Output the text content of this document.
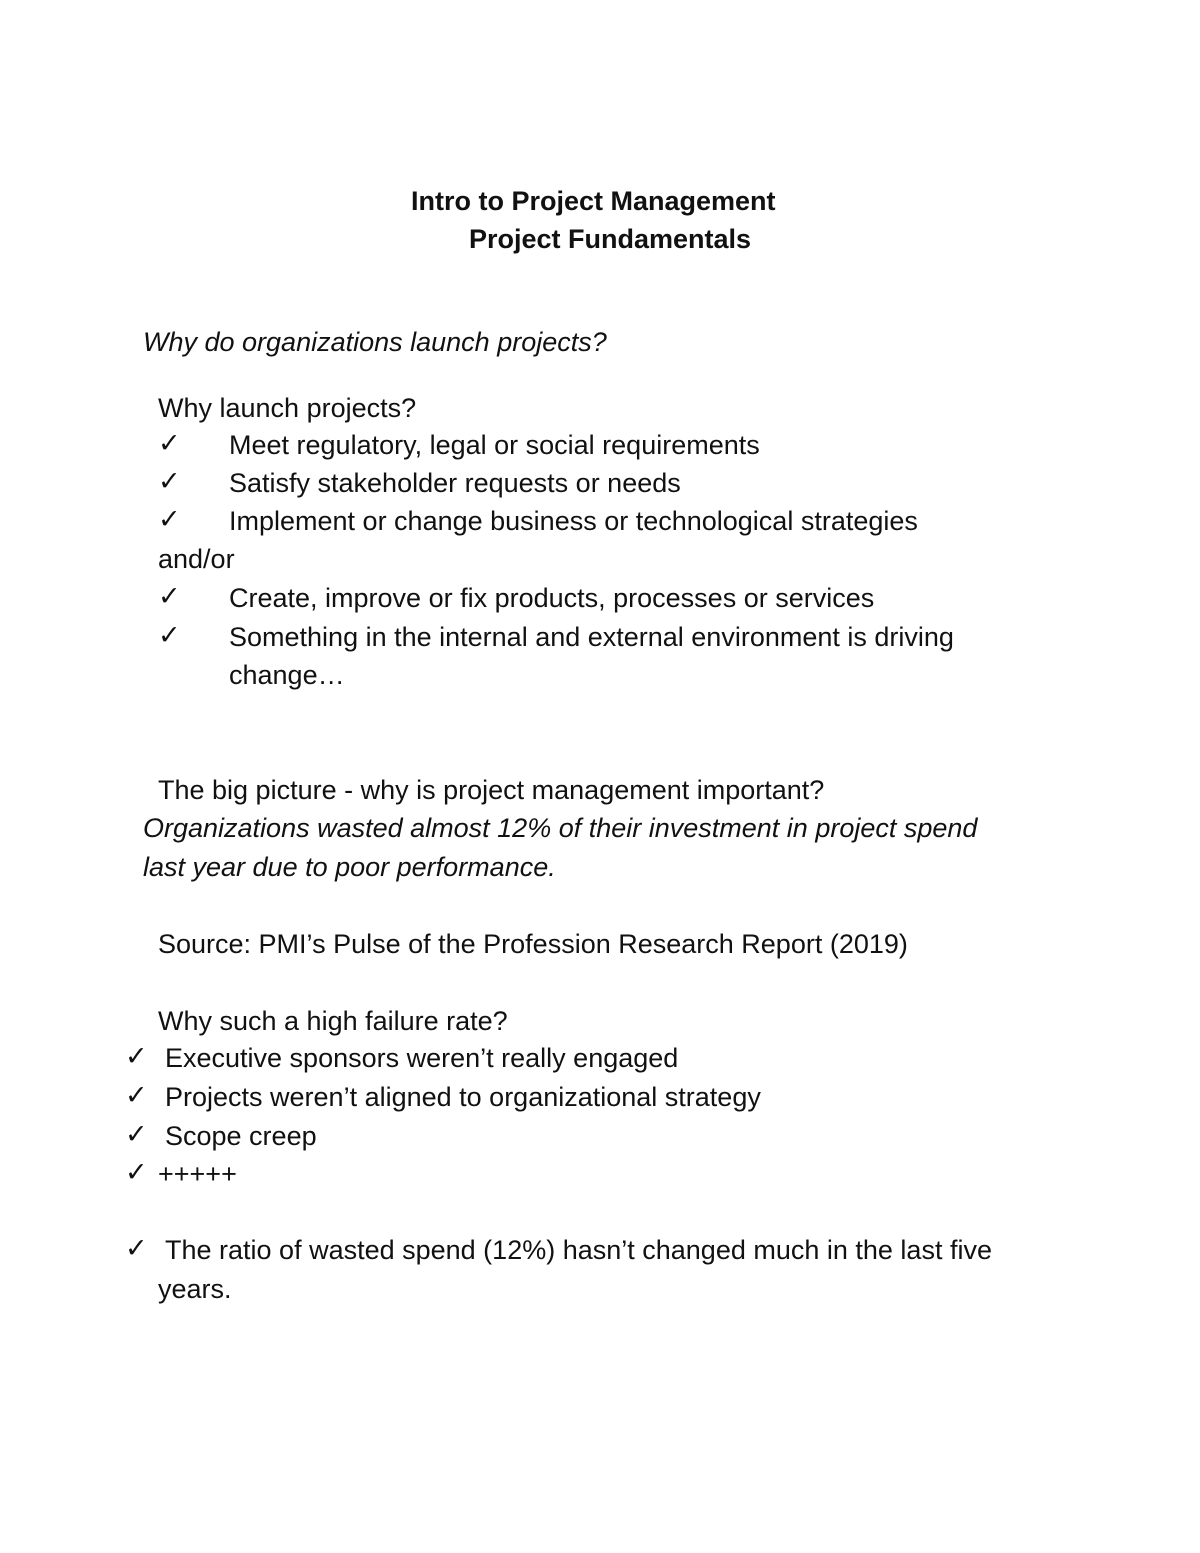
Intro to Project Management
Project Fundamentals
Why do organizations launch projects?
Why launch projects?
✓ Meet regulatory, legal or social requirements
✓ Satisfy stakeholder requests or needs
✓ Implement or change business or technological strategies
and/or
✓ Create, improve or fix products, processes or services
✓ Something in the internal and external environment is driving
change…
The big picture - why is project management important?
Organizations wasted almost 12% of their investment in project spend
last year due to poor performance.
Source: PMI’s Pulse of the Profession Research Report (2019)
Why such a high failure rate?
✓ Executive sponsors weren’t really engaged
✓ Projects weren’t aligned to organizational strategy
✓ Scope creep
✓ +++++
✓ The ratio of wasted spend (12%) hasn’t changed much in the last five
years.
